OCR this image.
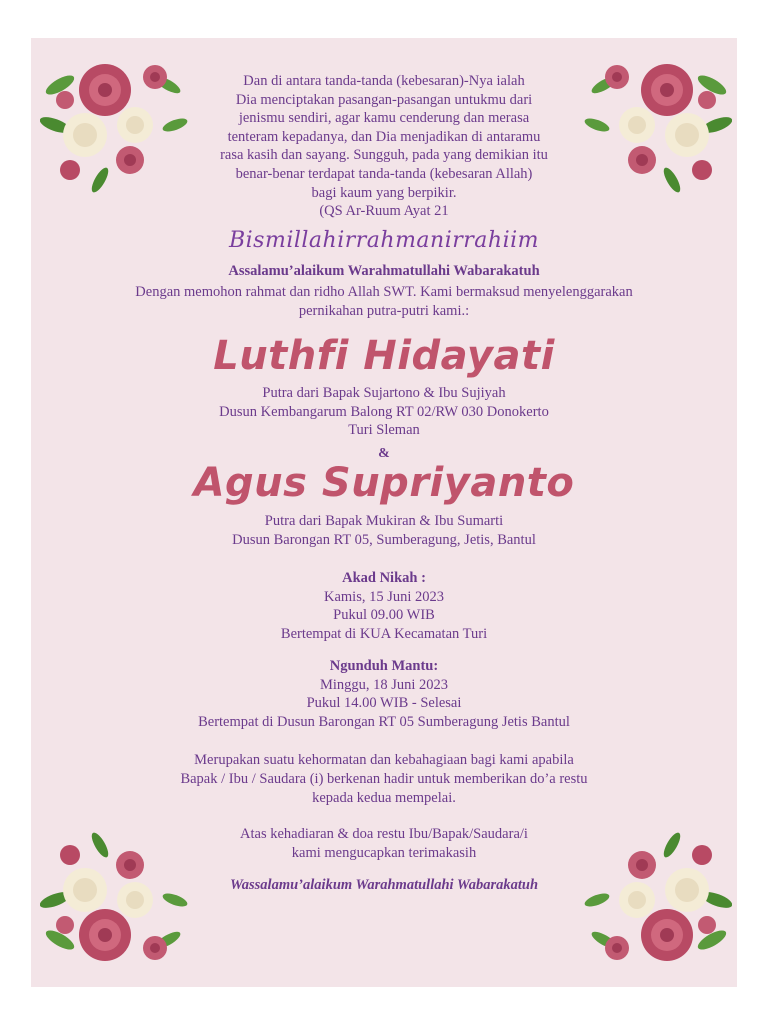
Dan di antara tanda-tanda (kebesaran)-Nya ialah
Dia menciptakan pasangan-pasangan untukmu dari
jenismu sendiri, agar kamu cenderung dan merasa
tenteram kepadanya, dan Dia menjadikan di antaramu
rasa kasih dan sayang. Sungguh, pada yang demikian itu
benar-benar terdapat tanda-tanda (kebesaran Allah)
bagi kaum yang berpikir.
(QS Ar-Ruum Ayat 21
Bismillahirrahmanirrahiim
Assalamu’alaikum Warahmatullahi Wabarakatuh
Dengan memohon rahmat dan ridho Allah SWT. Kami bermaksud menyelenggarakan
pernikahan putra-putri kami.:
Luthfi Hidayati
Putra dari Bapak Sujartono & Ibu Sujiyah
Dusun Kembangarum Balong RT 02/RW 030 Donokerto
Turi Sleman
&
Agus Supriyanto
Putra dari Bapak Mukiran & Ibu Sumarti
Dusun Barongan RT 05, Sumberagung, Jetis, Bantul
Akad Nikah :
Kamis, 15 Juni 2023
Pukul 09.00 WIB
Bertempat di KUA Kecamatan Turi
Ngunduh Mantu:
Minggu, 18 Juni 2023
Pukul 14.00 WIB - Selesai
Bertempat di Dusun Barongan RT 05 Sumberagung Jetis Bantul
Merupakan suatu kehormatan dan kebahagiaan bagi kami apabila
Bapak / Ibu / Saudara (i) berkenan hadir untuk memberikan do’a restu
kepada kedua mempelai.
Atas kehadiaran & doa restu Ibu/Bapak/Saudara/i
kami mengucapkan terimakasih
Wassalamu’alaikum Warahmatullahi Wabarakatuh
